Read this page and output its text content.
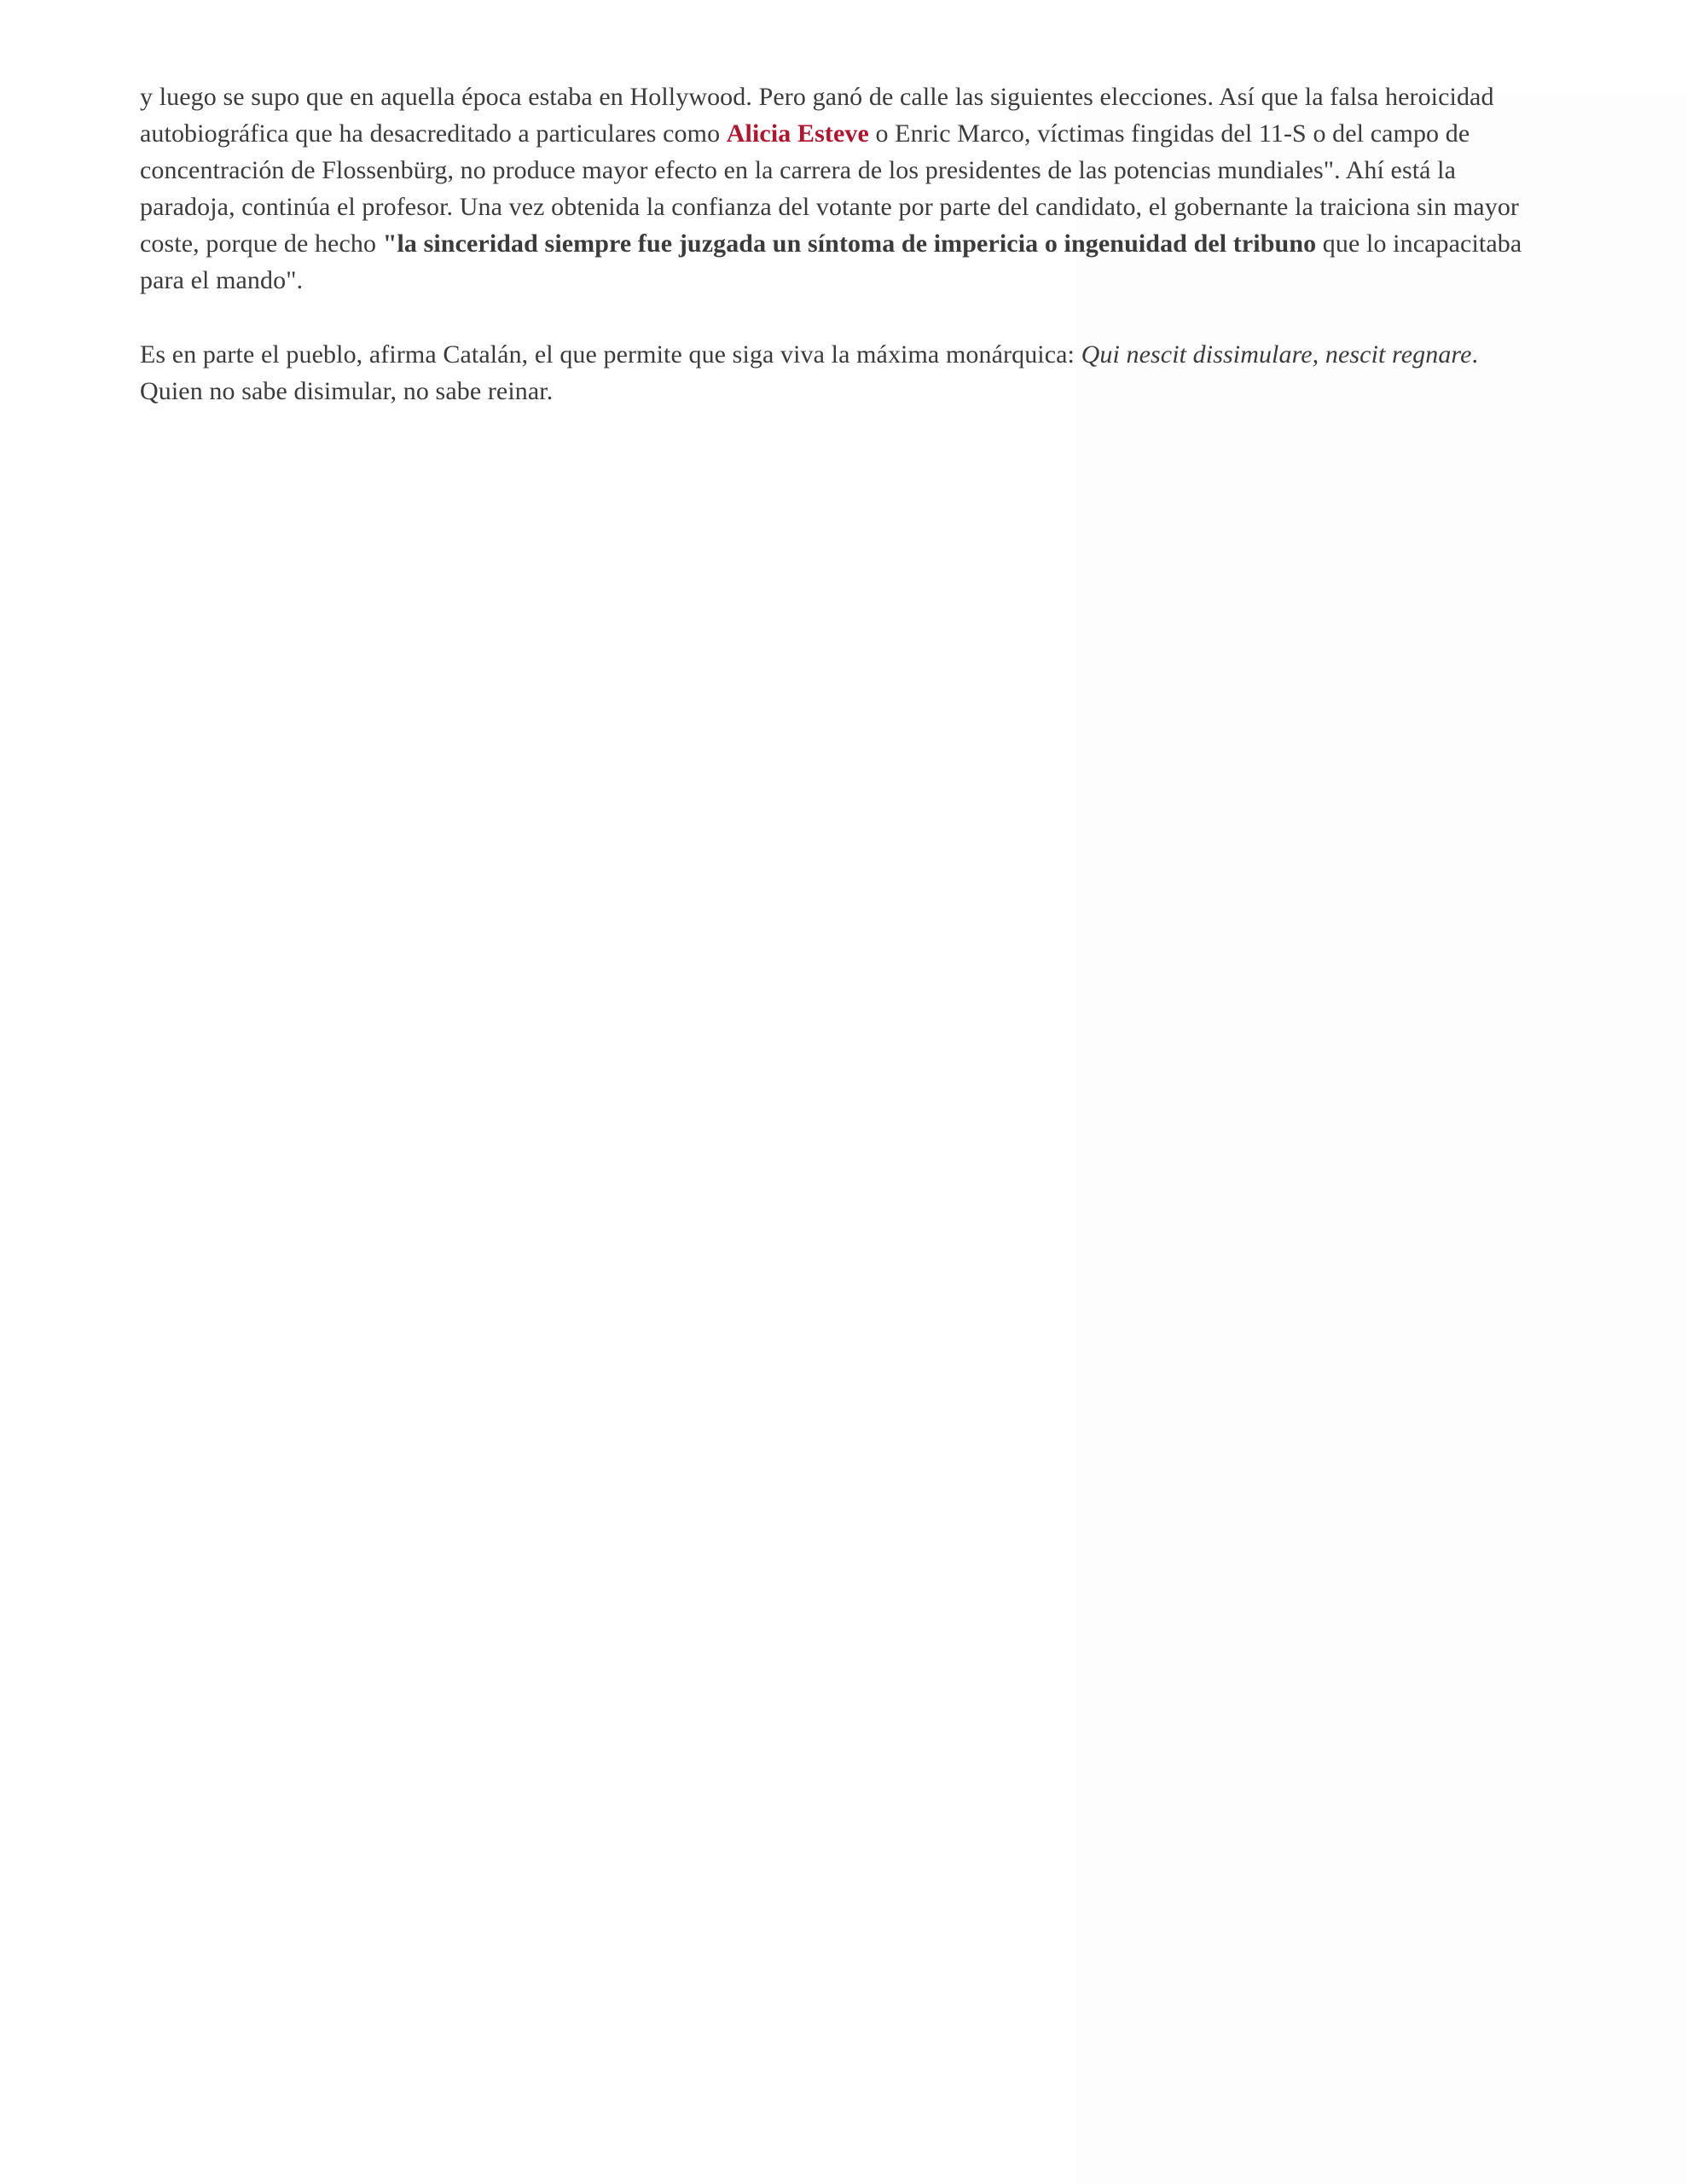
y luego se supo que en aquella época estaba en Hollywood. Pero ganó de calle las siguientes elecciones. Así que la falsa heroicidad autobiográfica que ha desacreditado a particulares como Alicia Esteve o Enric Marco, víctimas fingidas del 11-S o del campo de concentración de Flossenbürg, no produce mayor efecto en la carrera de los presidentes de las potencias mundiales". Ahí está la paradoja, continúa el profesor. Una vez obtenida la confianza del votante por parte del candidato, el gobernante la traiciona sin mayor coste, porque de hecho "la sinceridad siempre fue juzgada un síntoma de impericia o ingenuidad del tribuno que lo incapacitaba para el mando".

Es en parte el pueblo, afirma Catalán, el que permite que siga viva la máxima monárquica: Qui nescit dissimulare, nescit regnare. Quien no sabe disimular, no sabe reinar.
